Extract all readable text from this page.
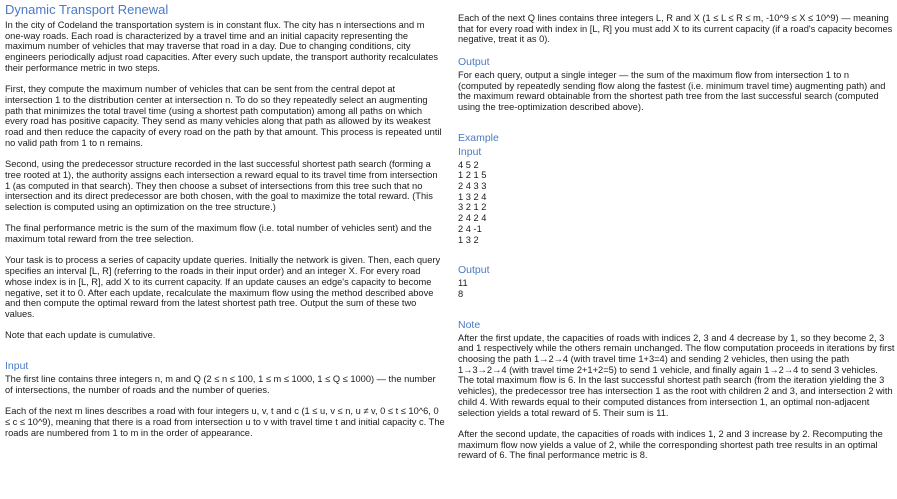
Dynamic Transport Renewal

In the city of Codeland the transportation system is in constant flux. The city has n intersections and m one-way roads. Each road is characterized by a travel time and an initial capacity representing the maximum number of vehicles that may traverse that road in a day. Due to changing conditions, city engineers periodically adjust road capacities. After every such update, the transport authority recalculates their performance metric in two steps.

First, they compute the maximum number of vehicles that can be sent from the central depot at intersection 1 to the distribution center at intersection n. To do so they repeatedly select an augmenting path that minimizes the total travel time (using a shortest path computation) among all paths on which every road has positive capacity. They send as many vehicles along that path as allowed by its weakest road and then reduce the capacity of every road on the path by that amount. This process is repeated until no valid path from 1 to n remains.

Second, using the predecessor structure recorded in the last successful shortest path search (forming a tree rooted at 1), the authority assigns each intersection a reward equal to its travel time from intersection 1 (as computed in that search). They then choose a subset of intersections from this tree such that no intersection and its direct predecessor are both chosen, with the goal to maximize the total reward. (This selection is computed using an optimization on the tree structure.)

The final performance metric is the sum of the maximum flow (i.e. total number of vehicles sent) and the maximum total reward from the tree selection.

Your task is to process a series of capacity update queries. Initially the network is given. Then, each query specifies an interval [L, R] (referring to the roads in their input order) and an integer X. For every road whose index is in [L, R], add X to its current capacity. If an update causes an edge's capacity to become negative, set it to 0. After each update, recalculate the maximum flow using the method described above and then compute the optimal reward from the latest shortest path tree. Output the sum of these two values.

Note that each update is cumulative.

Input

The first line contains three integers n, m and Q (2 ≤ n ≤ 100, 1 ≤ m ≤ 1000, 1 ≤ Q ≤ 1000) — the number of intersections, the number of roads and the number of queries.

Each of the next m lines describes a road with four integers u, v, t and c (1 ≤ u, v ≤ n, u ≠ v, 0 ≤ t ≤ 10^6, 0 ≤ c ≤ 10^9), meaning that there is a road from intersection u to v with travel time t and initial capacity c. The roads are numbered from 1 to m in the order of appearance.

Each of the next Q lines contains three integers L, R and X (1 ≤ L ≤ R ≤ m, -10^9 ≤ X ≤ 10^9) — meaning that for every road with index in [L, R] you must add X to its current capacity (if a road's capacity becomes negative, treat it as 0).

Output

For each query, output a single integer — the sum of the maximum flow from intersection 1 to n (computed by repeatedly sending flow along the fastest (i.e. minimum travel time) augmenting path) and the maximum reward obtainable from the shortest path tree from the last successful search (computed using the tree-optimization described above).

Example
Input
4 5 2
1 2 1 5
2 4 3 3
1 3 2 4
3 2 1 2
2 4 2 4
2 4 -1
1 3 2
Output
11
8
Note

After the first update, the capacities of roads with indices 2, 3 and 4 decrease by 1, so they become 2, 3 and 1 respectively while the others remain unchanged. The flow computation proceeds in iterations by first choosing the path 1→2→4 (with travel time 1+3=4) and sending 2 vehicles, then using the path 1→3→2→4 (with travel time 2+1+2=5) to send 1 vehicle, and finally again 1→2→4 to send 3 vehicles. The total maximum flow is 6. In the last successful shortest path search (from the iteration yielding the 3 vehicles), the predecessor tree has intersection 1 as the root with children 2 and 3, and intersection 2 with child 4. With rewards equal to their computed distances from intersection 1, an optimal non-adjacent selection yields a total reward of 5. Their sum is 11.

After the second update, the capacities of roads with indices 1, 2 and 3 increase by 2. Recomputing the maximum flow now yields a value of 2, while the corresponding shortest path tree results in an optimal reward of 6. The final performance metric is 8.
